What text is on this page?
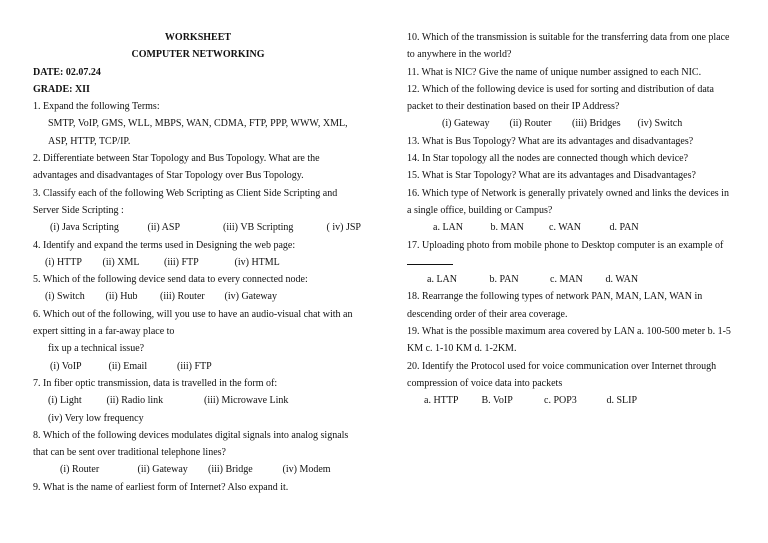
WORKSHEET
COMPUTER NETWORKING
DATE: 02.07.24
GRADE: XII
1. Expand the following Terms:
SMTP, VoIP, GMS, WLL, MBPS, WAN, CDMA, FTP, PPP, WWW, XML,
ASP, HTTP, TCP/IP.
2. Differentiate between Star Topology and Bus Topology. What are the
advantages and disadvantages of Star Topology over Bus Topology.
3. Classify each of the following Web Scripting as Client Side Scripting and
Server Side Scripting :
(i) Java Scripting	(ii) ASP	(iii) VB Scripting	( iv) JSP
4. Identify and expand the terms used in Designing the web page:
(i) HTTP (ii) XML (iii) FTP	(iv) HTML
5. Which of the following device send data to every connected node:
(i) Switch (ii) Hub (iii) Router (iv) Gateway
6. Which out of the following, will you use to have an audio-visual chat with an
expert sitting in a far-away place to
fix up a technical issue?
(i) VoIP	(ii) Email	(iii) FTP
7. In fiber optic transmission, data is travelled in the form of:
(i) Light (ii) Radio link	(iii) Microwave Link
(iv) Very low frequency
8. Which of the following devices modulates digital signals into analog signals
that can be sent over traditional telephone lines?
(i) Router	(ii) Gateway (iii) Bridge	(iv) Modem
9. What is the name of earliest form of Internet? Also expand it.
10. Which of the transmission is suitable for the transferring data from one place
to anywhere in the world?
11. What is NIC? Give the name of unique number assigned to each NIC.
12. Which of the following device is used for sorting and distribution of data
packet to their destination based on their IP Address?
(i) Gateway (ii) Router (iii) Bridges (iv) Switch
13. What is Bus Topology? What are its advantages and disadvantages?
14. In Star topology all the nodes are connected though which device?
15. What is Star Topology? What are its advantages and Disadvantages?
16. Which type of Network is generally privately owned and links the devices in
a single office, building or Campus?
a. LAN	b. MAN	c. WAN	d. PAN
17. Uploading photo from mobile phone to Desktop computer is an example of
a. LAN	b. PAN	c. MAN d. WAN
18. Rearrange the following types of network PAN, MAN, LAN, WAN in
descending order of their area coverage.
19. What is the possible maximum area covered by LAN a. 100-500 meter b. 1-5
KM c. 1-10 KM d. 1-2KM.
20. Identify the Protocol used for voice communication over Internet through
compression of voice data into packets
a. HTTP B. VoIP	c. POP3	d. SLIP
